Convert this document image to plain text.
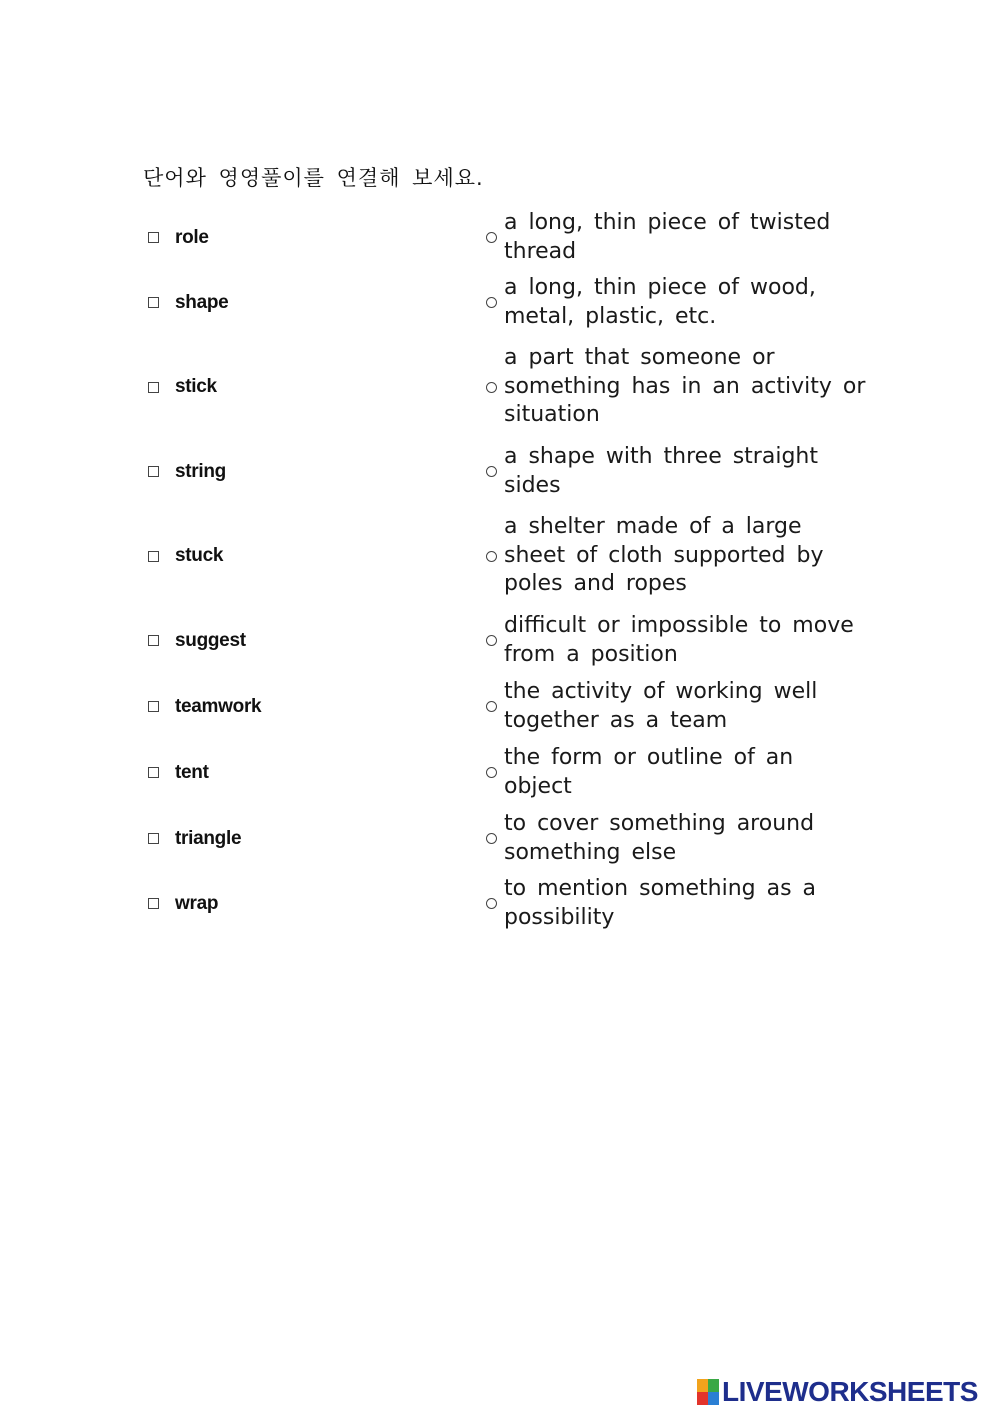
단어와 영영풀이를 연결해 보세요.
role
a long, thin piece of twisted thread
shape
a long, thin piece of wood, metal, plastic, etc.
stick
a part that someone or something has in an activity or situation
string
a shape with three straight sides
stuck
a shelter made of a large sheet of cloth supported by poles and ropes
suggest
difficult or impossible to move from a position
teamwork
the activity of working well together as a team
tent
the form or outline of an object
triangle
to cover something around something else
wrap
to mention something as a possibility
LIVEWORKSHEETS
